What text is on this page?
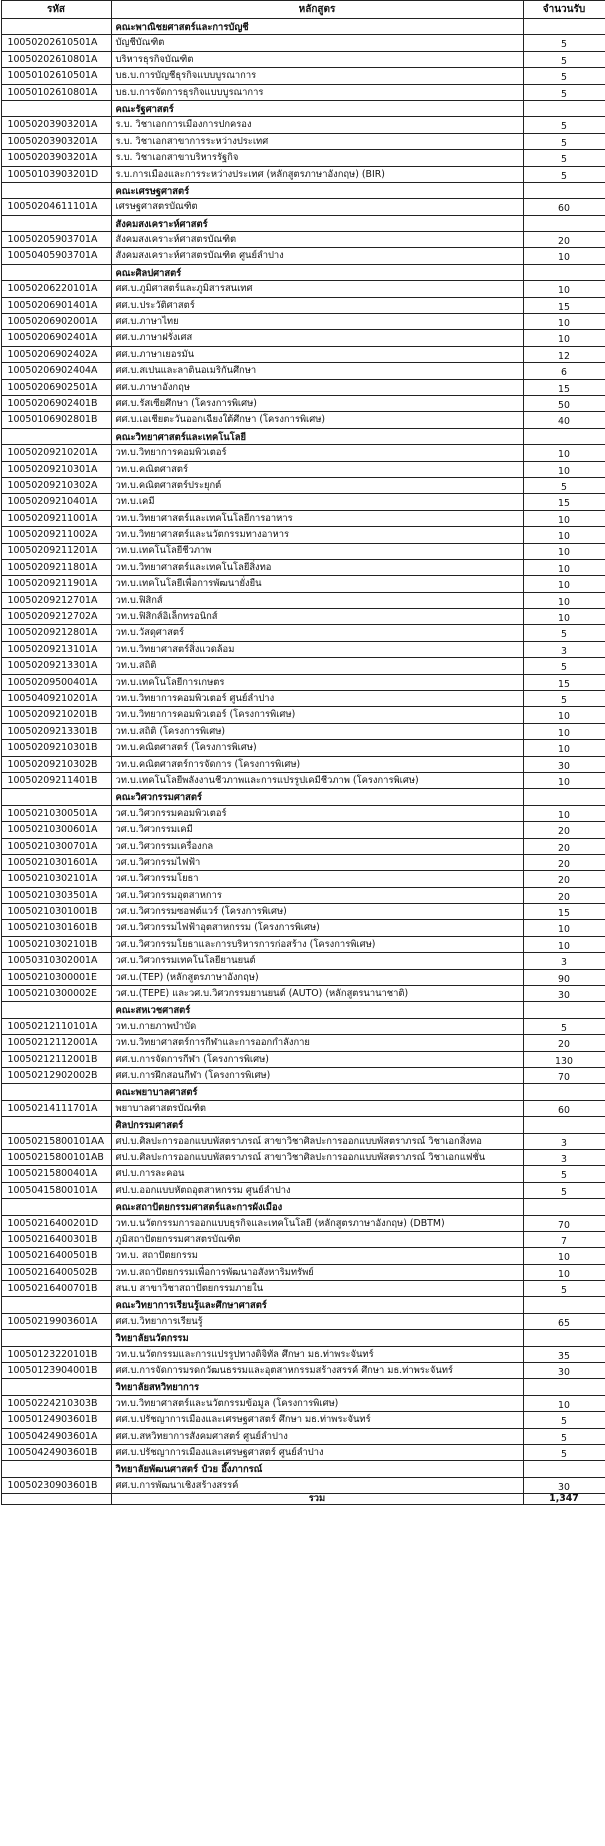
รหัส	หลักสูตร	จำนวนรับ
	คณะพาณิชยศาสตร์และการบัญชี	
10050202610501A	บัญชีบัณฑิต	5
10050202610801A	บริหารธุรกิจบัณฑิต	5
10050102610501A	บธ.บ.การบัญชีธุรกิจแบบบูรณาการ	5
10050102610801A	บธ.บ.การจัดการธุรกิจแบบบูรณาการ	5
	คณะรัฐศาสตร์	
10050203903201A	ร.บ. วิชาเอกการเมืองการปกครอง	5
10050203903201A	ร.บ. วิชาเอกสาขาการระหว่างประเทศ	5
10050203903201A	ร.บ. วิชาเอกสาขาบริหารรัฐกิจ	5
10050103903201D	ร.บ.การเมืองและการระหว่างประเทศ (หลักสูตรภาษาอังกฤษ) (BIR)	5
	คณะเศรษฐศาสตร์	
10050204611101A	เศรษฐศาสตรบัณฑิต	60
	สังคมสงเคราะห์ศาสตร์	
10050205903701A	สังคมสงเคราะห์ศาสตรบัณฑิต	20
10050405903701A	สังคมสงเคราะห์ศาสตรบัณฑิต ศูนย์ลำปาง	10
	คณะศิลปศาสตร์	
10050206220101A	ศศ.บ.ภูมิศาสตร์และภูมิสารสนเทศ	10
10050206901401A	ศศ.บ.ประวัติศาสตร์	15
10050206902001A	ศศ.บ.ภาษาไทย	10
10050206902401A	ศศ.บ.ภาษาฝรั่งเศส	10
10050206902402A	ศศ.บ.ภาษาเยอรมัน	12
10050206902404A	ศศ.บ.สเปนและลาตินอเมริกันศึกษา	6
10050206902501A	ศศ.บ.ภาษาอังกฤษ	15
10050206902401B	ศศ.บ.รัสเซียศึกษา (โครงการพิเศษ)	50
10050106902801B	ศศ.บ.เอเชียตะวันออกเฉียงใต้ศึกษา (โครงการพิเศษ)	40
	คณะวิทยาศาสตร์และเทคโนโลยี	
10050209210201A	วท.บ.วิทยาการคอมพิวเตอร์	10
10050209210301A	วท.บ.คณิตศาสตร์	10
10050209210302A	วท.บ.คณิตศาสตร์ประยุกต์	5
10050209210401A	วท.บ.เคมี	15
10050209211001A	วท.บ.วิทยาศาสตร์และเทคโนโลยีการอาหาร	10
10050209211002A	วท.บ.วิทยาศาสตร์และนวัตกรรมทางอาหาร	10
10050209211201A	วท.บ.เทคโนโลยีชีวภาพ	10
10050209211801A	วท.บ.วิทยาศาสตร์และเทคโนโลยีสิ่งทอ	10
10050209211901A	วท.บ.เทคโนโลยีเพื่อการพัฒนายั่งยืน	10
10050209212701A	วท.บ.ฟิสิกส์	10
10050209212702A	วท.บ.ฟิสิกส์อิเล็กทรอนิกส์	10
10050209212801A	วท.บ.วัสดุศาสตร์	5
10050209213101A	วท.บ.วิทยาศาสตร์สิ่งแวดล้อม	3
10050209213301A	วท.บ.สถิติ	5
10050209500401A	วท.บ.เทคโนโลยีการเกษตร	15
10050409210201A	วท.บ.วิทยาการคอมพิวเตอร์ ศูนย์ลำปาง	5
10050209210201B	วท.บ.วิทยาการคอมพิวเตอร์ (โครงการพิเศษ)	10
10050209213301B	วท.บ.สถิติ (โครงการพิเศษ)	10
10050209210301B	วท.บ.คณิตศาสตร์ (โครงการพิเศษ)	10
10050209210302B	วท.บ.คณิตศาสตร์การจัดการ (โครงการพิเศษ)	30
10050209211401B	วท.บ.เทคโนโลยีพลังงานชีวภาพและการแปรรูปเคมีชีวภาพ (โครงการพิเศษ)	10
	คณะวิศวกรรมศาสตร์	
10050210300501A	วศ.บ.วิศวกรรมคอมพิวเตอร์	10
10050210300601A	วศ.บ.วิศวกรรมเคมี	20
10050210300701A	วศ.บ.วิศวกรรมเครื่องกล	20
10050210301601A	วศ.บ.วิศวกรรมไฟฟ้า	20
10050210302101A	วศ.บ.วิศวกรรมโยธา	20
10050210303501A	วศ.บ.วิศวกรรมอุตสาหการ	20
10050210301001B	วศ.บ.วิศวกรรมซอฟต์แวร์ (โครงการพิเศษ)	15
10050210301601B	วศ.บ.วิศวกรรมไฟฟ้าอุตสาหกรรม (โครงการพิเศษ)	10
10050210302101B	วศ.บ.วิศวกรรมโยธาและการบริหารการก่อสร้าง (โครงการพิเศษ)	10
10050310302001A	วศ.บ.วิศวกรรมเทคโนโลยียานยนต์	3
10050210300001E	วศ.บ.(TEP) (หลักสูตรภาษาอังกฤษ)	90
10050210300002E	วศ.บ.(TEPE) และวศ.บ.วิศวกรรมยานยนต์ (AUTO) (หลักสูตรนานาชาติ)	30
	คณะสหเวชศาสตร์	
10050212110101A	วท.บ.กายภาพบำบัด	5
10050212112001A	วท.บ.วิทยาศาสตร์การกีฬาและการออกกำลังกาย	20
10050212112001B	ศศ.บ.การจัดการกีฬา (โครงการพิเศษ)	130
10050212902002B	ศศ.บ.การฝึกสอนกีฬา (โครงการพิเศษ)	70
	คณะพยาบาลศาสตร์	
10050214111701A	พยาบาลศาสตรบัณฑิต	60
	ศิลปกรรมศาสตร์	
10050215800101AA	ศป.บ.ศิลปะการออกแบบพัสตราภรณ์ สาขาวิชาศิลปะการออกแบบพัสตราภรณ์ วิชาเอกสิ่งทอ	3
10050215800101AB	ศป.บ.ศิลปะการออกแบบพัสตราภรณ์ สาขาวิชาศิลปะการออกแบบพัสตราภรณ์ วิชาเอกแฟชั่น	3
10050215800401A	ศป.บ.การละคอน	5
10050415800101A	ศป.บ.ออกแบบหัตถอุตสาหกรรม ศูนย์ลำปาง	5
	คณะสถาปัตยกรรมศาสตร์และการผังเมือง	
10050216400201D	วท.บ.นวัตกรรมการออกแบบธุรกิจและเทคโนโลยี (หลักสูตรภาษาอังกฤษ) (DBTM)	70
10050216400301B	ภูมิสถาปัตยกรรมศาสตรบัณฑิต	7
10050216400501B	วท.บ. สถาปัตยกรรม	10
10050216400502B	วท.บ.สถาปัตยกรรมเพื่อการพัฒนาอสังหาริมทรัพย์	10
10050216400701B	สน.บ สาขาวิชาสถาปัตยกรรมภายใน	5
	คณะวิทยาการเรียนรู้และศึกษาศาสตร์	
10050219903601A	ศศ.บ.วิทยาการเรียนรู้	65
	วิทยาลัยนวัตกรรม	
10050123220101B	วท.บ.นวัตกรรมและการแปรรูปทางดิจิทัล ศึกษา มธ.ท่าพระจันทร์	35
10050123904001B	ศศ.บ.การจัดการมรดกวัฒนธรรมและอุตสาหกรรมสร้างสรรค์ ศึกษา มธ.ท่าพระจันทร์	30
	วิทยาลัยสหวิทยาการ	
10050224210303B	วท.บ.วิทยาศาสตร์และนวัตกรรมข้อมูล (โครงการพิเศษ)	10
10050124903601B	ศศ.บ.ปรัชญาการเมืองและเศรษฐศาสตร์ ศึกษา มธ.ท่าพระจันทร์	5
10050424903601A	ศศ.บ.สหวิทยาการสังคมศาสตร์ ศูนย์ลำปาง	5
10050424903601B	ศศ.บ.ปรัชญาการเมืองและเศรษฐศาสตร์ ศูนย์ลำปาง	5
	วิทยาลัยพัฒนศาสตร์ ป๋วย อึ๊งภากรณ์	
10050230903601B	ศศ.บ.การพัฒนาเชิงสร้างสรรค์	30
	รวม	1,347
